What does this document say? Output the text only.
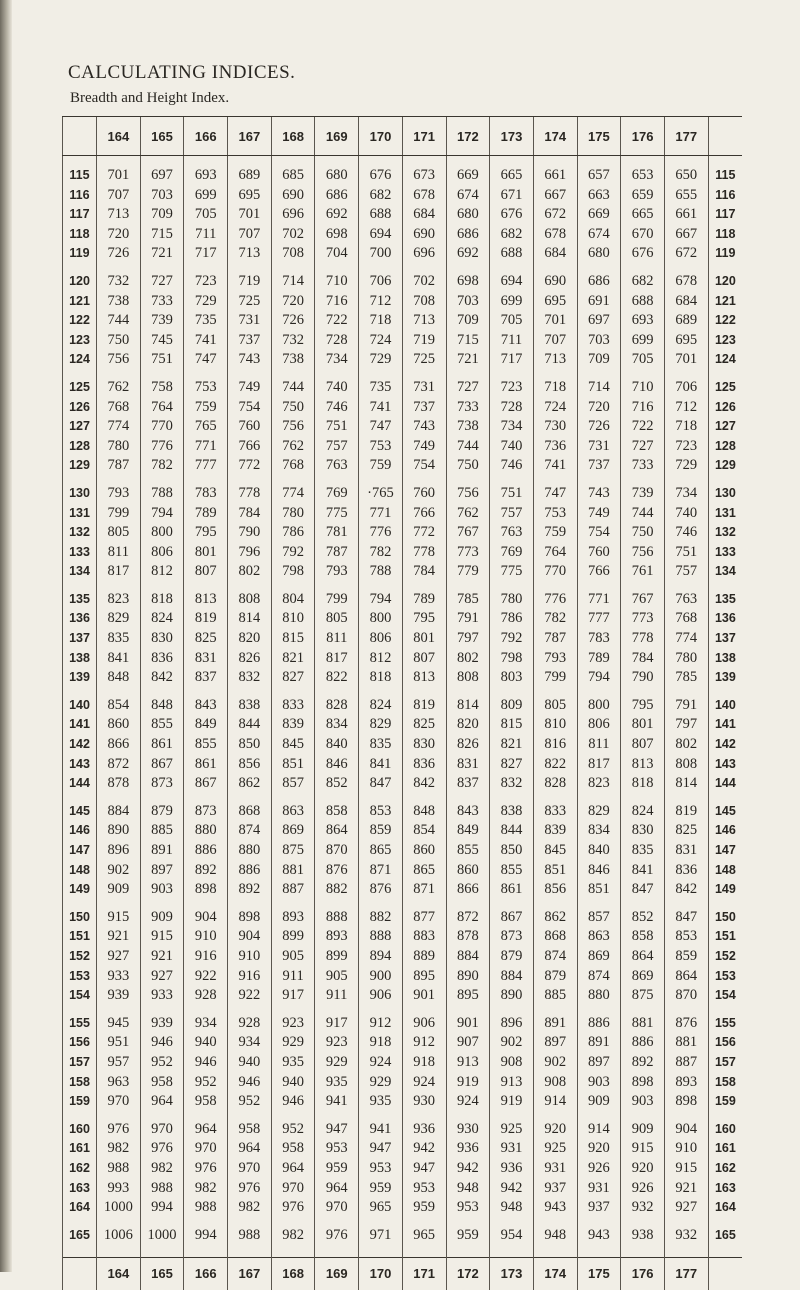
CALCULATING INDICES.
Breadth and Height Index.
	164	165	166	167	168	169	170	171	172	173	174	175	176	177	
115	701	697	693	689	685	680	676	673	669	665	661	657	653	650	115
116	707	703	699	695	690	686	682	678	674	671	667	663	659	655	116
117	713	709	705	701	696	692	688	684	680	676	672	669	665	661	117
118	720	715	711	707	702	698	694	690	686	682	678	674	670	667	118
119	726	721	717	713	708	704	700	696	692	688	684	680	676	672	119
120	732	727	723	719	714	710	706	702	698	694	690	686	682	678	120
121	738	733	729	725	720	716	712	708	703	699	695	691	688	684	121
122	744	739	735	731	726	722	718	713	709	705	701	697	693	689	122
123	750	745	741	737	732	728	724	719	715	711	707	703	699	695	123
124	756	751	747	743	738	734	729	725	721	717	713	709	705	701	124
125	762	758	753	749	744	740	735	731	727	723	718	714	710	706	125
126	768	764	759	754	750	746	741	737	733	728	724	720	716	712	126
127	774	770	765	760	756	751	747	743	738	734	730	726	722	718	127
128	780	776	771	766	762	757	753	749	744	740	736	731	727	723	128
129	787	782	777	772	768	763	759	754	750	746	741	737	733	729	129
130	793	788	783	778	774	769	·765	760	756	751	747	743	739	734	130
131	799	794	789	784	780	775	771	766	762	757	753	749	744	740	131
132	805	800	795	790	786	781	776	772	767	763	759	754	750	746	132
133	811	806	801	796	792	787	782	778	773	769	764	760	756	751	133
134	817	812	807	802	798	793	788	784	779	775	770	766	761	757	134
135	823	818	813	808	804	799	794	789	785	780	776	771	767	763	135
136	829	824	819	814	810	805	800	795	791	786	782	777	773	768	136
137	835	830	825	820	815	811	806	801	797	792	787	783	778	774	137
138	841	836	831	826	821	817	812	807	802	798	793	789	784	780	138
139	848	842	837	832	827	822	818	813	808	803	799	794	790	785	139
140	854	848	843	838	833	828	824	819	814	809	805	800	795	791	140
141	860	855	849	844	839	834	829	825	820	815	810	806	801	797	141
142	866	861	855	850	845	840	835	830	826	821	816	811	807	802	142
143	872	867	861	856	851	846	841	836	831	827	822	817	813	808	143
144	878	873	867	862	857	852	847	842	837	832	828	823	818	814	144
145	884	879	873	868	863	858	853	848	843	838	833	829	824	819	145
146	890	885	880	874	869	864	859	854	849	844	839	834	830	825	146
147	896	891	886	880	875	870	865	860	855	850	845	840	835	831	147
148	902	897	892	886	881	876	871	865	860	855	851	846	841	836	148
149	909	903	898	892	887	882	876	871	866	861	856	851	847	842	149
150	915	909	904	898	893	888	882	877	872	867	862	857	852	847	150
151	921	915	910	904	899	893	888	883	878	873	868	863	858	853	151
152	927	921	916	910	905	899	894	889	884	879	874	869	864	859	152
153	933	927	922	916	911	905	900	895	890	884	879	874	869	864	153
154	939	933	928	922	917	911	906	901	895	890	885	880	875	870	154
155	945	939	934	928	923	917	912	906	901	896	891	886	881	876	155
156	951	946	940	934	929	923	918	912	907	902	897	891	886	881	156
157	957	952	946	940	935	929	924	918	913	908	902	897	892	887	157
158	963	958	952	946	940	935	929	924	919	913	908	903	898	893	158
159	970	964	958	952	946	941	935	930	924	919	914	909	903	898	159
160	976	970	964	958	952	947	941	936	930	925	920	914	909	904	160
161	982	976	970	964	958	953	947	942	936	931	925	920	915	910	161
162	988	982	976	970	964	959	953	947	942	936	931	926	920	915	162
163	993	988	982	976	970	964	959	953	948	942	937	931	926	921	163
164	1000	994	988	982	976	970	965	959	953	948	943	937	932	927	164
165	1006	1000	994	988	982	976	971	965	959	954	948	943	938	932	165
	164	165	166	167	168	169	170	171	172	173	174	175	176	177	
